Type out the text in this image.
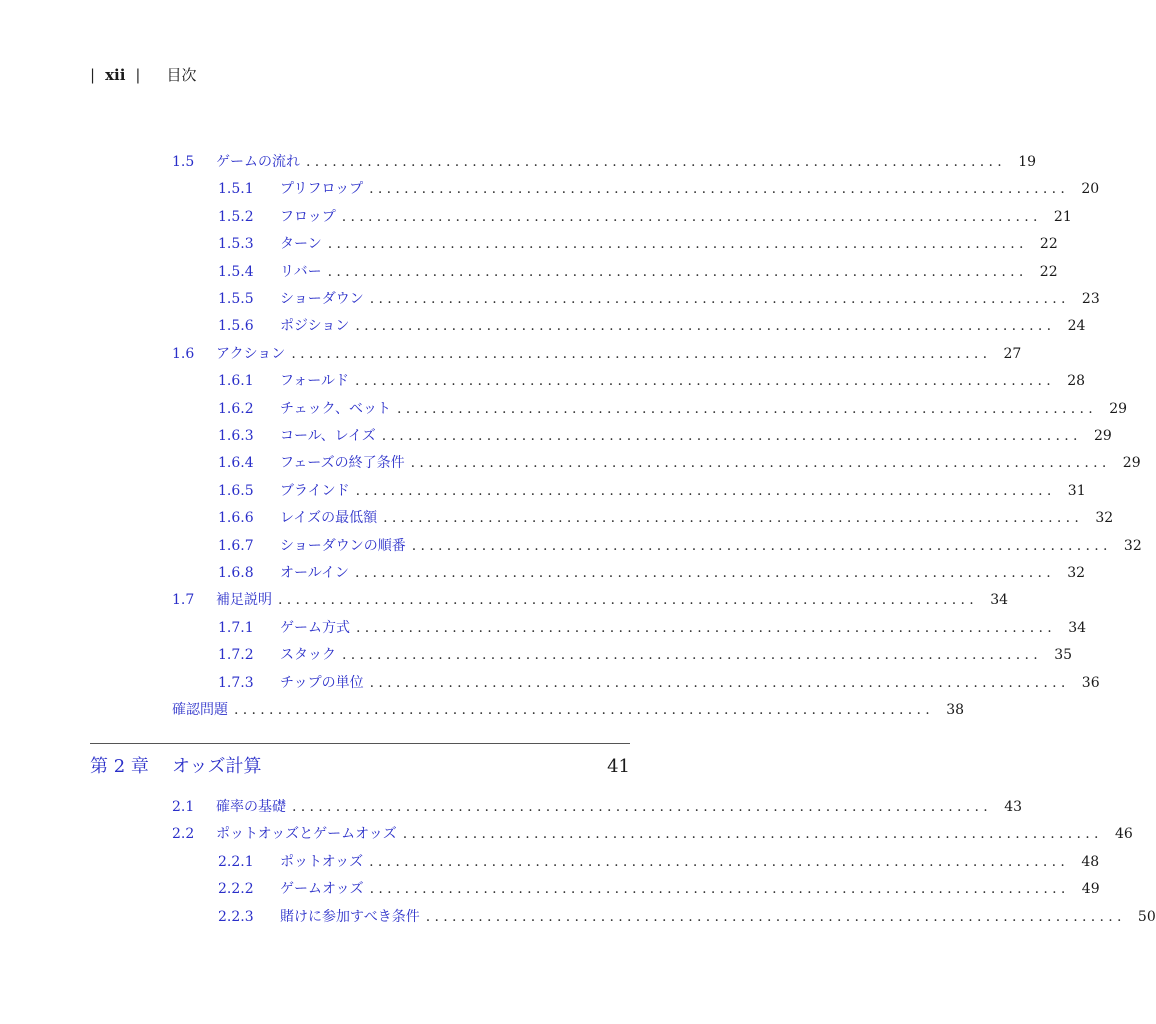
| xii | 目次
1.5	ゲームの流れ ................................................................................ 19
1.5.1	プリフロップ ................................................................................ 20
1.5.2	フロップ ................................................................................ 21
1.5.3	ターン ................................................................................ 22
1.5.4	リバー ................................................................................ 22
1.5.5	ショーダウン ................................................................................ 23
1.5.6	ポジション ................................................................................ 24
1.6	アクション ................................................................................ 27
1.6.1	フォールド ................................................................................ 28
1.6.2	チェック、ベット ................................................................................ 29
1.6.3	コール、レイズ ................................................................................ 29
1.6.4	フェーズの終了条件 ................................................................................ 29
1.6.5	ブラインド ................................................................................ 31
1.6.6	レイズの最低額 ................................................................................ 32
1.6.7	ショーダウンの順番 ................................................................................ 32
1.6.8	オールイン ................................................................................ 32
1.7	補足説明 ................................................................................ 34
1.7.1	ゲーム方式 ................................................................................ 34
1.7.2	スタック ................................................................................ 35
1.7.3	チップの単位 ................................................................................ 36
確認問題 ................................................................................ 38
第 2 章	オッズ計算	41
2.1	確率の基礎 ................................................................................ 43
2.2	ポットオッズとゲームオッズ ................................................................................ 46
2.2.1	ポットオッズ ................................................................................ 48
2.2.2	ゲームオッズ ................................................................................ 49
2.2.3	賭けに参加すべき条件 ................................................................................ 50
